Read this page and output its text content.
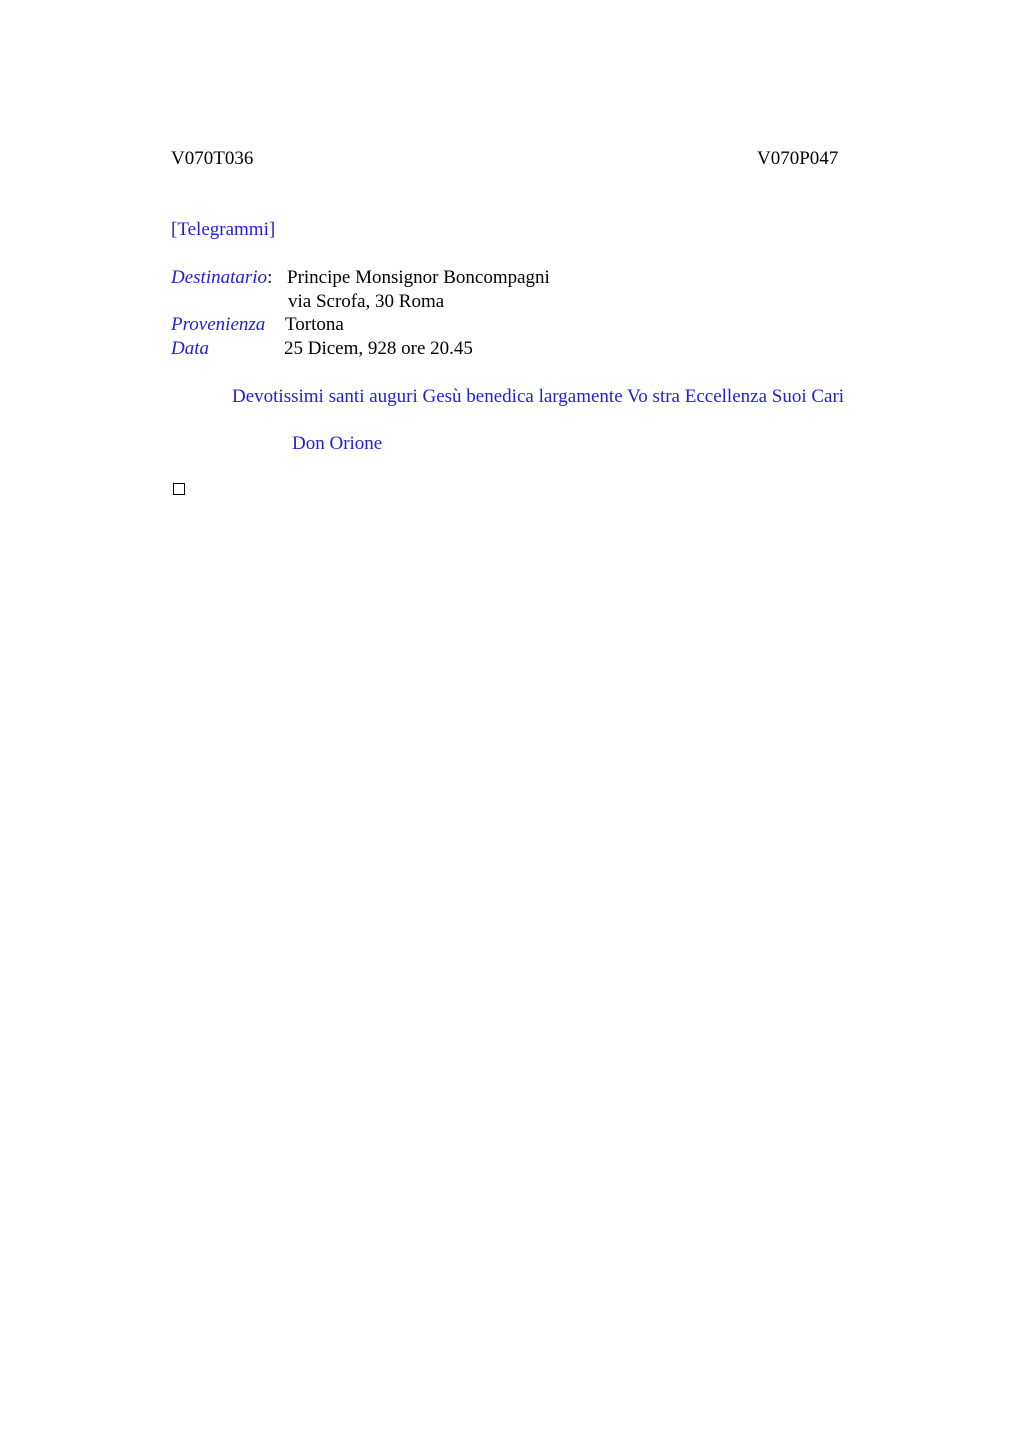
V070T036	V070P047
[Telegrammi]
Destinatario: Principe Monsignor Boncompagni
via Scrofa, 30 Roma
Provenienza Tortona
Data	25 Dicem, 928 ore 20.45
Devotissimi santi auguri Gesù benedica largamente Vo stra Eccellenza Suoi Cari
Don Orione
